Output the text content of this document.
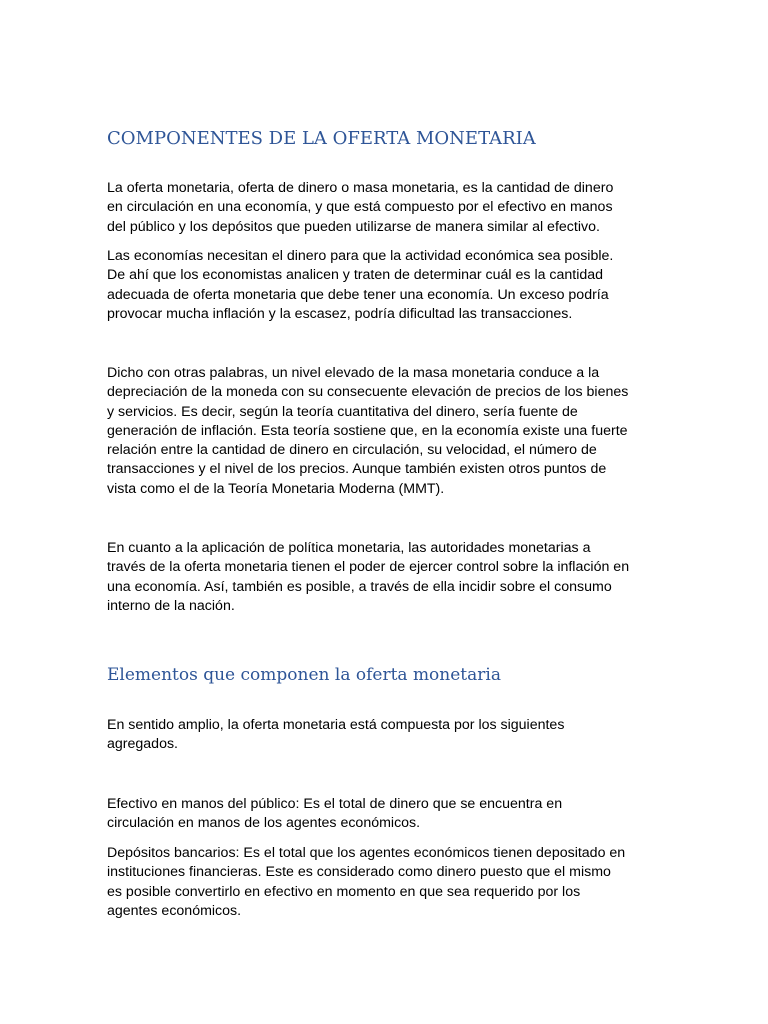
COMPONENTES DE LA OFERTA MONETARIA

La oferta monetaria, oferta de dinero o masa monetaria, es la cantidad de dinero
en circulación en una economía, y que está compuesto por el efectivo en manos
del público y los depósitos que pueden utilizarse de manera similar al efectivo.

Las economías necesitan el dinero para que la actividad económica sea posible.
De ahí que los economistas analicen y traten de determinar cuál es la cantidad
adecuada de oferta monetaria que debe tener una economía. Un exceso podría
provocar mucha inflación y la escasez, podría dificultad las transacciones.

Dicho con otras palabras, un nivel elevado de la masa monetaria conduce a la
depreciación de la moneda con su consecuente elevación de precios de los bienes
y servicios. Es decir, según la teoría cuantitativa del dinero, sería fuente de
generación de inflación. Esta teoría sostiene que, en la economía existe una fuerte
relación entre la cantidad de dinero en circulación, su velocidad, el número de
transacciones y el nivel de los precios. Aunque también existen otros puntos de
vista como el de la Teoría Monetaria Moderna (MMT).

En cuanto a la aplicación de política monetaria, las autoridades monetarias a
través de la oferta monetaria tienen el poder de ejercer control sobre la inflación en
una economía. Así, también es posible, a través de ella incidir sobre el consumo
interno de la nación.

Elementos que componen la oferta monetaria

En sentido amplio, la oferta monetaria está compuesta por los siguientes
agregados.

Efectivo en manos del público: Es el total de dinero que se encuentra en
circulación en manos de los agentes económicos.

Depósitos bancarios: Es el total que los agentes económicos tienen depositado en
instituciones financieras. Este es considerado como dinero puesto que el mismo
es posible convertirlo en efectivo en momento en que sea requerido por los
agentes económicos.
